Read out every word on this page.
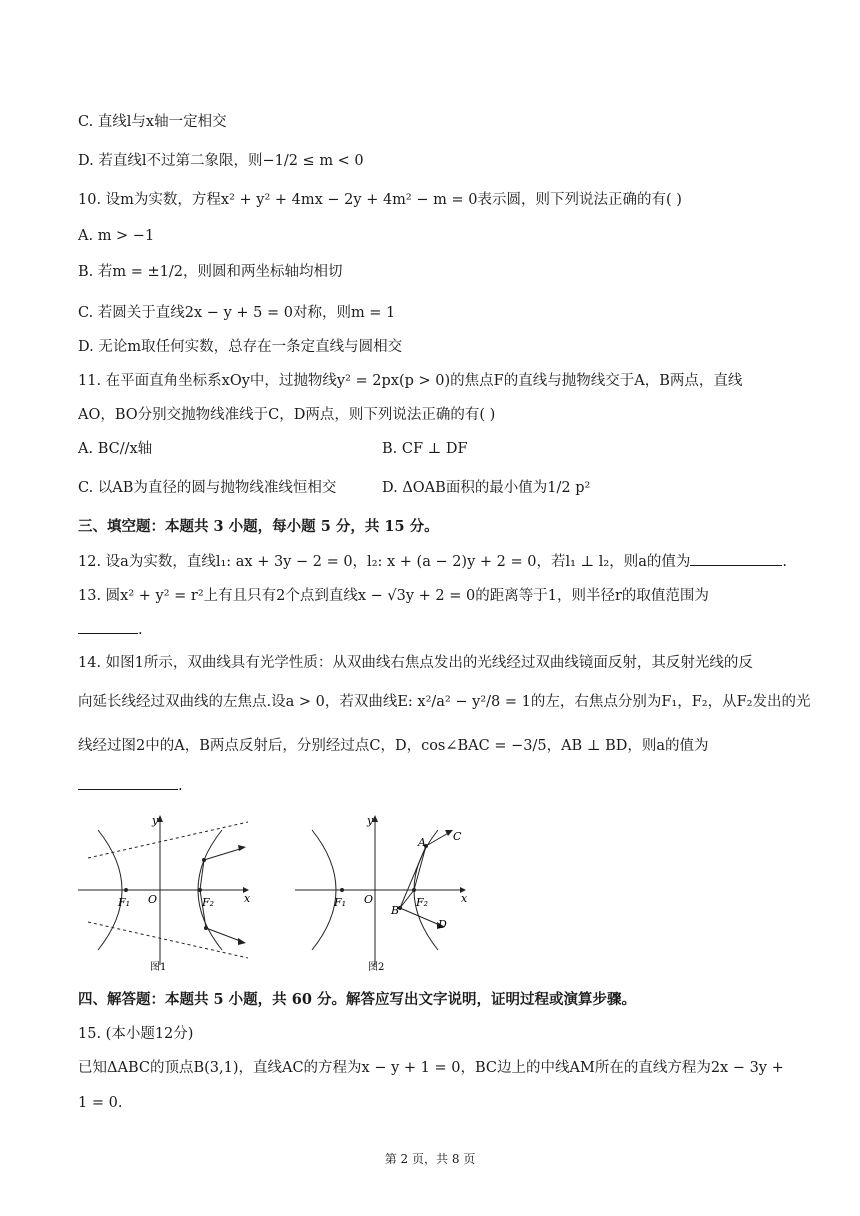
C. 直线l与x轴一定相交
D. 若直线l不过第二象限，则−1/2 ≤ m < 0
10. 设m为实数，方程x² + y² + 4mx − 2y + 4m² − m = 0表示圆，则下列说法正确的有( )
A. m > −1
B. 若m = ±1/2，则圆和两坐标轴均相切
C. 若圆关于直线2x − y + 5 = 0对称，则m = 1
D. 无论m取任何实数，总存在一条定直线与圆相交
11. 在平面直角坐标系xOy中，过抛物线y² = 2px(p > 0)的焦点F的直线与抛物线交于A，B两点，直线
AO，BO分别交抛物线准线于C，D两点，则下列说法正确的有( )
A. BC//x轴	B. CF ⊥ DF
C. 以AB为直径的圆与抛物线准线恒相交	D. ΔOAB面积的最小值为1/2 p²
三、填空题：本题共 3 小题，每小题 5 分，共 15 分。
12. 设a为实数，直线l₁: ax + 3y − 2 = 0，l₂: x + (a − 2)y + 2 = 0，若l₁ ⊥ l₂，则a的值为	.
13. 圆x² + y² = r²上有且只有2个点到直线x − √3y + 2 = 0的距离等于1，则半径r的取值范围为
.
14. 如图1所示，双曲线具有光学性质：从双曲线右焦点发出的光线经过双曲线镜面反射，其反射光线的反
向延长线经过双曲线的左焦点.设a > 0，若双曲线E: x²/a² − y²/8 = 1的左，右焦点分别为F₁，F₂，从F₂发出的光
线经过图2中的A，B两点反射后，分别经过点C，D，cos∠BAC = −3/5，AB ⊥ BD，则a的值为
.
F₁ O	F₂	x
y
图1
F₁ O	F₂	x
y
A C
B
D
图2
四、解答题：本题共 5 小题，共 60 分。解答应写出文字说明，证明过程或演算步骤。
15. (本小题12分)
已知ΔABC的顶点B(3,1)，直线AC的方程为x − y + 1 = 0，BC边上的中线AM所在的直线方程为2x − 3y +
1 = 0.
第 2 页，共 8 页
